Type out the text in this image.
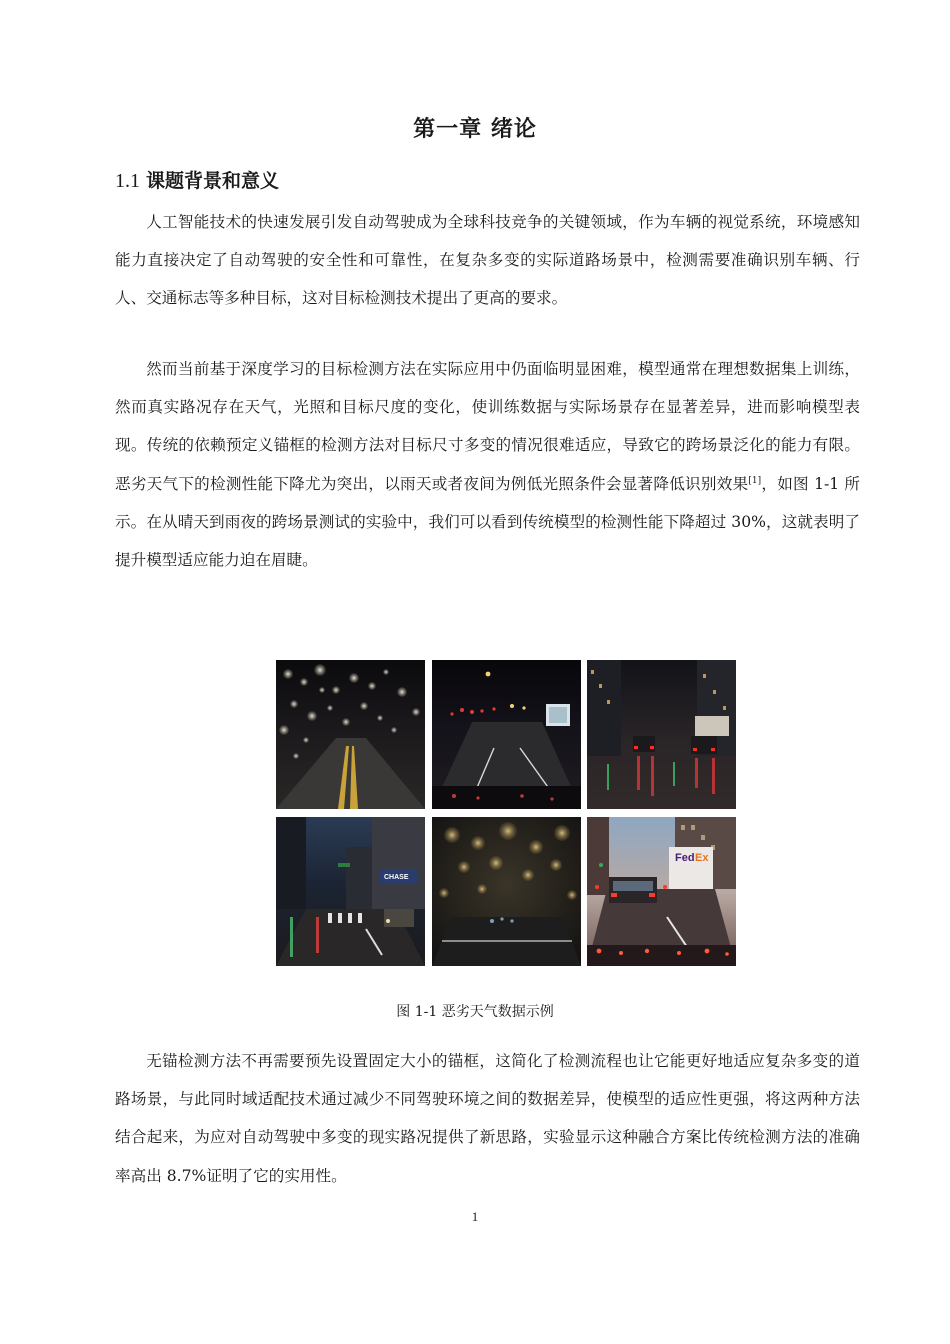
第一章 绪论
1.1 课题背景和意义

人工智能技术的快速发展引发自动驾驶成为全球科技竞争的关键领域，作为车辆的视觉系统，环境感知能力直接决定了自动驾驶的安全性和可靠性，在复杂多变的实际道路场景中，检测需要准确识别车辆、行人、交通标志等多种目标，这对目标检测技术提出了更高的要求。

然而当前基于深度学习的目标检测方法在实际应用中仍面临明显困难，模型通常在理想数据集上训练，然而真实路况存在天气，光照和目标尺度的变化，使训练数据与实际场景存在显著差异，进而影响模型表现。传统的依赖预定义锚框的检测方法对目标尺寸多变的情况很难适应，导致它的跨场景泛化的能力有限。恶劣天气下的检测性能下降尤为突出，以雨天或者夜间为例低光照条件会显著降低识别效果[1]，如图 1-1 所示。在从晴天到雨夜的跨场景测试的实验中，我们可以看到传统模型的检测性能下降超过 30%，这就表明了提升模型适应能力迫在眉睫。

CHASE
Fed Ex

图 1-1 恶劣天气数据示例

无锚检测方法不再需要预先设置固定大小的锚框，这简化了检测流程也让它能更好地适应复杂多变的道路场景，与此同时域适配技术通过减少不同驾驶环境之间的数据差异，使模型的适应性更强，将这两种方法结合起来，为应对自动驾驶中多变的现实路况提供了新思路，实验显示这种融合方案比传统检测方法的准确率高出 8.7%证明了它的实用性。

1
